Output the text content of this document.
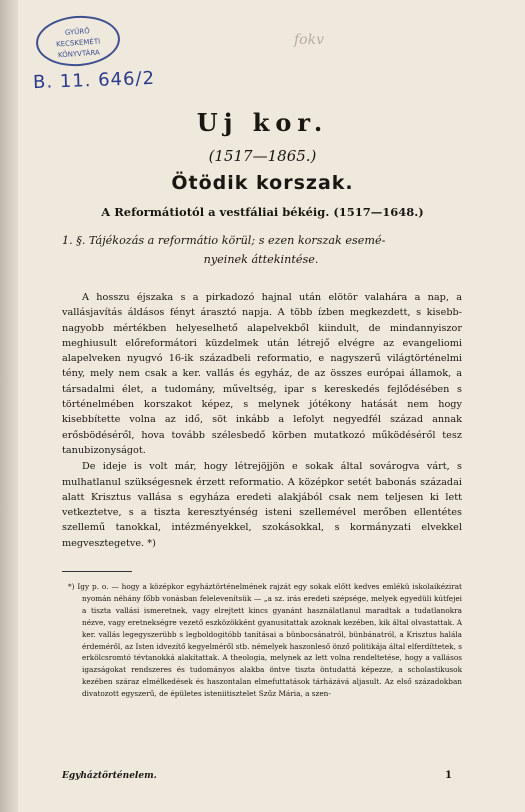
GYŰRŐ
KECSKEMÉTI
KÖNYVTÁRA
B. 11. 646/2
fokv
Uj kor.
(1517—1865.)
Ötödik korszak.
A Reformátiotól a vestfáliai békéig. (1517—1648.)
1. §. Tájékozás a reformátio körül; s ezen korszak esemé-
nyeinek áttekintése.

A hosszu éjszaka s a pirkadozó hajnal után elötör valahára a nap, a vallásjavítás áldásos fényt árasztó napja. A több ízben megkezdett, s kisebb-nagyobb mértékben helyeselhető alapelvekből kiindult, de mindannyiszor meghiusult előreformátori küzdelmek után létrejő elvégre az evangeliomi alapelveken nyugvó 16-ik századbeli reformatio, e nagyszerű világtörténelmi tény, mely nem csak a ker. vallás és egyház, de az összes európai államok, a társadalmi élet, a tudomány, műveltség, ipar s kereskedés fejlődésében s történelmében korszakot képez, s melynek jótékony hatását nem hogy kisebbítette volna az idő, söt inkább a lefolyt negyedfél század annak erősbödéséről, hova tovább szélesbedő körben mutatkozó működéséről tesz tanubizonyságot.

De ideje is volt már, hogy létrejöjjön e sokak által sovárogva várt, s mulhatlanul szükségesnek érzett reformatio. A középkor setét babonás századai alatt Krisztus vallása s egyháza eredeti alakjából csak nem teljesen ki lett vetkeztetve, s a tiszta keresztyénség isteni szellemével merőben ellentétes szellemű tanokkal, intézményekkel, szokásokkal, s kormányzati elvekkel megvesztegetve. *)

*) Igy p. o. — hogy a középkor egyháztörténelmének rajzát egy sokak előtt kedves emlékü iskolaikézirat nyomán néhány főbb vonásban felelevenítsük — „a sz. irás eredeti szépsége, melyek egyedüli kútfejei a tiszta vallási ismeretnek, vagy elrejtett kincs gyanánt használatlanul maradtak a tudatlanokra nézve, vagy eretnekségre vezető eszközökként gyanusitattak azoknak kezében, kik által olvastattak. A ker. vallás legegyszerübb s legboldogitóbb tanításai a bünbocsánatról, bünbánatról, a Krisztus halála érdeméről, az Isten idvezítő kegyelméről stb. némelyek haszonleső önző politikája által elferdíttetek, s erkölcsromtó tévtanokká alakítattak. A theologia, melynek az lett volna rendeltetése, hogy a vallásos igazságokat rendszeres és tudományos alakba öntve tiszta öntudattá képezze, a scholastikusok kezében száraz elmélkedések és haszontalan elmefuttatások tárházává aljasult. Az első századokban divatozott egyszerű, de épületes isteniitisztelet Szűz Mária, a szen-

Egyháztörténelem.	1
